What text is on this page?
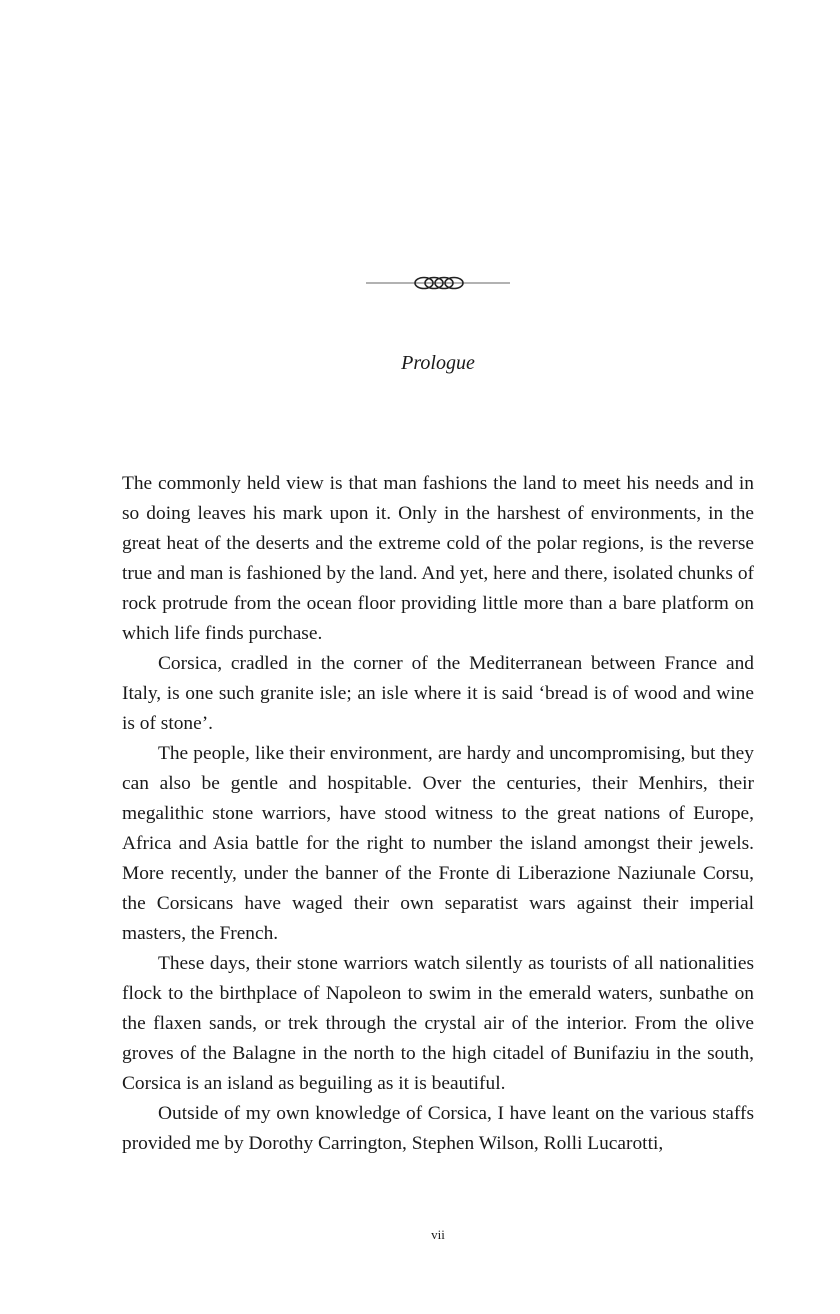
Prologue

The commonly held view is that man fashions the land to meet his needs and in so doing leaves his mark upon it. Only in the harshest of environments, in the great heat of the deserts and the extreme cold of the polar regions, is the reverse true and man is fashioned by the land. And yet, here and there, isolated chunks of rock protrude from the ocean floor providing little more than a bare platform on which life finds purchase.

Corsica, cradled in the corner of the Mediterranean between France and Italy, is one such granite isle; an isle where it is said ‘bread is of wood and wine is of stone’.

The people, like their environment, are hardy and uncompromising, but they can also be gentle and hospitable. Over the centuries, their Menhirs, their megalithic stone warriors, have stood witness to the great nations of Europe, Africa and Asia battle for the right to number the island amongst their jewels. More recently, under the banner of the Fronte di Liberazione Naziunale Corsu, the Corsicans have waged their own separatist wars against their imperial masters, the French.

These days, their stone warriors watch silently as tourists of all nationalities flock to the birthplace of Napoleon to swim in the emerald waters, sunbathe on the flaxen sands, or trek through the crystal air of the interior. From the olive groves of the Balagne in the north to the high citadel of Bunifaziu in the south, Corsica is an island as beguiling as it is beautiful.

Outside of my own knowledge of Corsica, I have leant on the various staffs provided me by Dorothy Carrington, Stephen Wilson, Rolli Lucarotti,

vii
